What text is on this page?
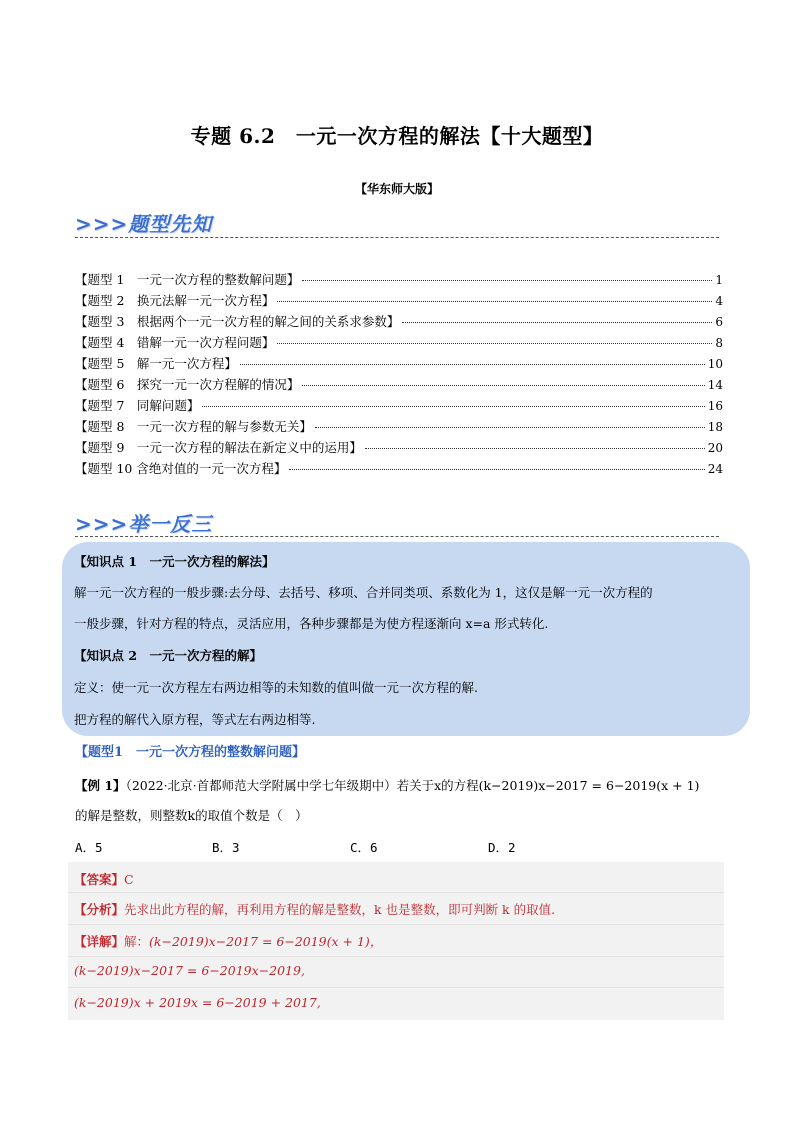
专题 6.2　一元一次方程的解法【十大题型】
【华东师大版】
>>>题型先知
【题型 1　一元一次方程的整数解问题】	1
【题型 2　换元法解一元一次方程】	4
【题型 3　根据两个一元一次方程的解之间的关系求参数】	6
【题型 4　错解一元一次方程问题】	8
【题型 5　解一元一次方程】	10
【题型 6　探究一元一次方程解的情况】	14
【题型 7　同解问题】	16
【题型 8　一元一次方程的解与参数无关】	18
【题型 9　一元一次方程的解法在新定义中的运用】	20
【题型 10 含绝对值的一元一次方程】	24
>>>举一反三
【知识点 1　一元一次方程的解法】
解一元一次方程的一般步骤:去分母、去括号、移项、合并同类项、系数化为 1，这仅是解一元一次方程的
一般步骤，针对方程的特点，灵活应用，各种步骤都是为使方程逐渐向 x=a 形式转化.
【知识点 2　一元一次方程的解】
定义：使一元一次方程左右两边相等的未知数的值叫做一元一次方程的解.
把方程的解代入原方程，等式左右两边相等.
【题型1　一元一次方程的整数解问题】
【例 1】（2022·北京·首都师范大学附属中学七年级期中）若关于x的方程(k−2019)x−2017 = 6−2019(x + 1)
的解是整数，则整数k的取值个数是（　）
A．5	B．3	C．6	D．2
【答案】C
【分析】先求出此方程的解，再利用方程的解是整数，k 也是整数，即可判断 k 的取值.
【详解】解：(k−2019)x−2017 = 6−2019(x + 1)，
(k−2019)x−2017 = 6−2019x−2019,
(k−2019)x + 2019x = 6−2019 + 2017,
